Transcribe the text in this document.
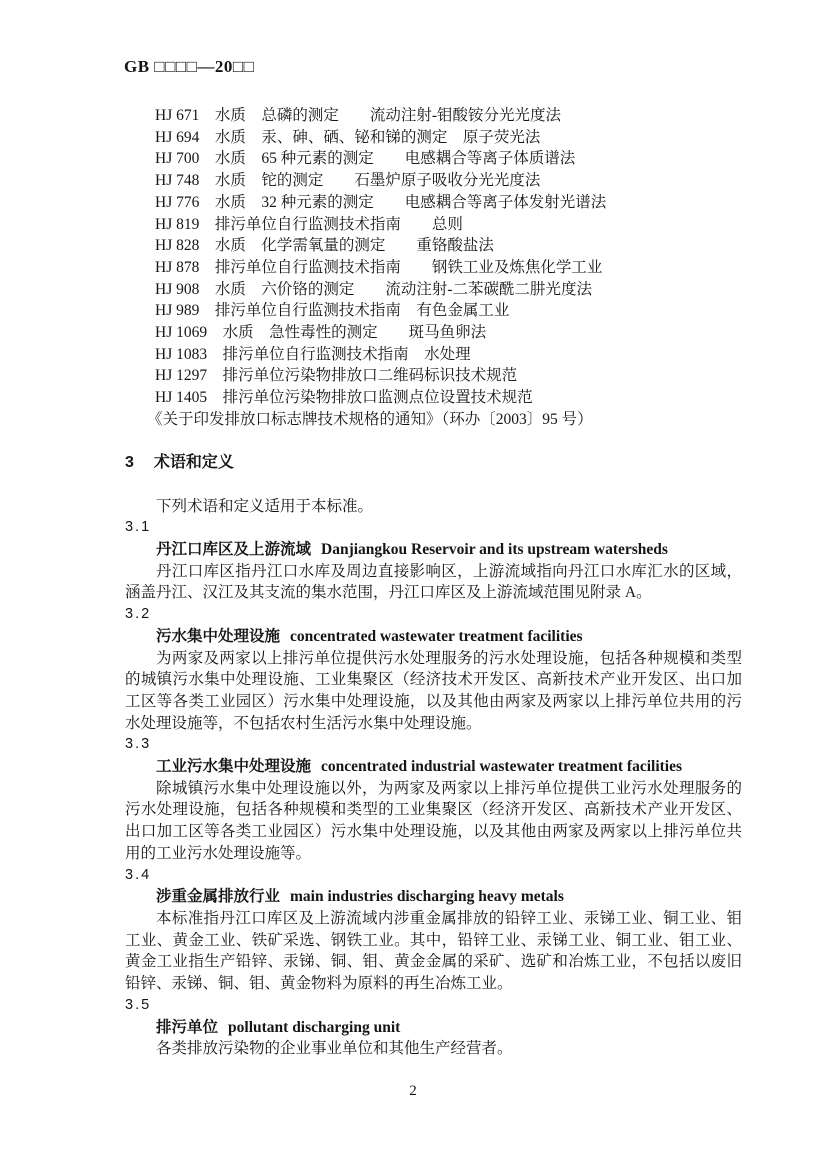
GB □□□□—20□□
HJ 671　水质　总磷的测定　　流动注射-钼酸铵分光光度法
HJ 694　水质　汞、砷、硒、铋和锑的测定　原子荧光法
HJ 700　水质　65 种元素的测定　　电感耦合等离子体质谱法
HJ 748　水质　铊的测定　　石墨炉原子吸收分光光度法
HJ 776　水质　32 种元素的测定　　电感耦合等离子体发射光谱法
HJ 819　排污单位自行监测技术指南　　总则
HJ 828　水质　化学需氧量的测定　　重铬酸盐法
HJ 878　排污单位自行监测技术指南　　钢铁工业及炼焦化学工业
HJ 908　水质　六价铬的测定　　流动注射-二苯碳酰二肼光度法
HJ 989　排污单位自行监测技术指南　有色金属工业
HJ 1069　水质　急性毒性的测定　　斑马鱼卵法
HJ 1083　排污单位自行监测技术指南　水处理
HJ 1297　排污单位污染物排放口二维码标识技术规范
HJ 1405　排污单位污染物排放口监测点位设置技术规范
《关于印发排放口标志牌技术规格的通知》（环办〔2003〕95 号）
3 术语和定义
下列术语和定义适用于本标准。
3.1
丹江口库区及上游流域 Danjiangkou Reservoir and its upstream watersheds
丹江口库区指丹江口水库及周边直接影响区，上游流域指向丹江口水库汇水的区域，涵盖丹江、汉江及其支流的集水范围，丹江口库区及上游流域范围见附录 A。
3.2
污水集中处理设施 concentrated wastewater treatment facilities
为两家及两家以上排污单位提供污水处理服务的污水处理设施，包括各种规模和类型的城镇污水集中处理设施、工业集聚区（经济技术开发区、高新技术产业开发区、出口加工区等各类工业园区）污水集中处理设施，以及其他由两家及两家以上排污单位共用的污水处理设施等，不包括农村生活污水集中处理设施。
3.3
工业污水集中处理设施 concentrated industrial wastewater treatment facilities
除城镇污水集中处理设施以外，为两家及两家以上排污单位提供工业污水处理服务的污水处理设施，包括各种规模和类型的工业集聚区（经济开发区、高新技术产业开发区、出口加工区等各类工业园区）污水集中处理设施，以及其他由两家及两家以上排污单位共用的工业污水处理设施等。
3.4
涉重金属排放行业 main industries discharging heavy metals
本标准指丹江口库区及上游流域内涉重金属排放的铅锌工业、汞锑工业、铜工业、钼工业、黄金工业、铁矿采选、钢铁工业。其中，铅锌工业、汞锑工业、铜工业、钼工业、黄金工业指生产铅锌、汞锑、铜、钼、黄金金属的采矿、选矿和冶炼工业，不包括以废旧铅锌、汞锑、铜、钼、黄金物料为原料的再生冶炼工业。
3.5
排污单位 pollutant discharging unit
各类排放污染物的企业事业单位和其他生产经营者。
2
